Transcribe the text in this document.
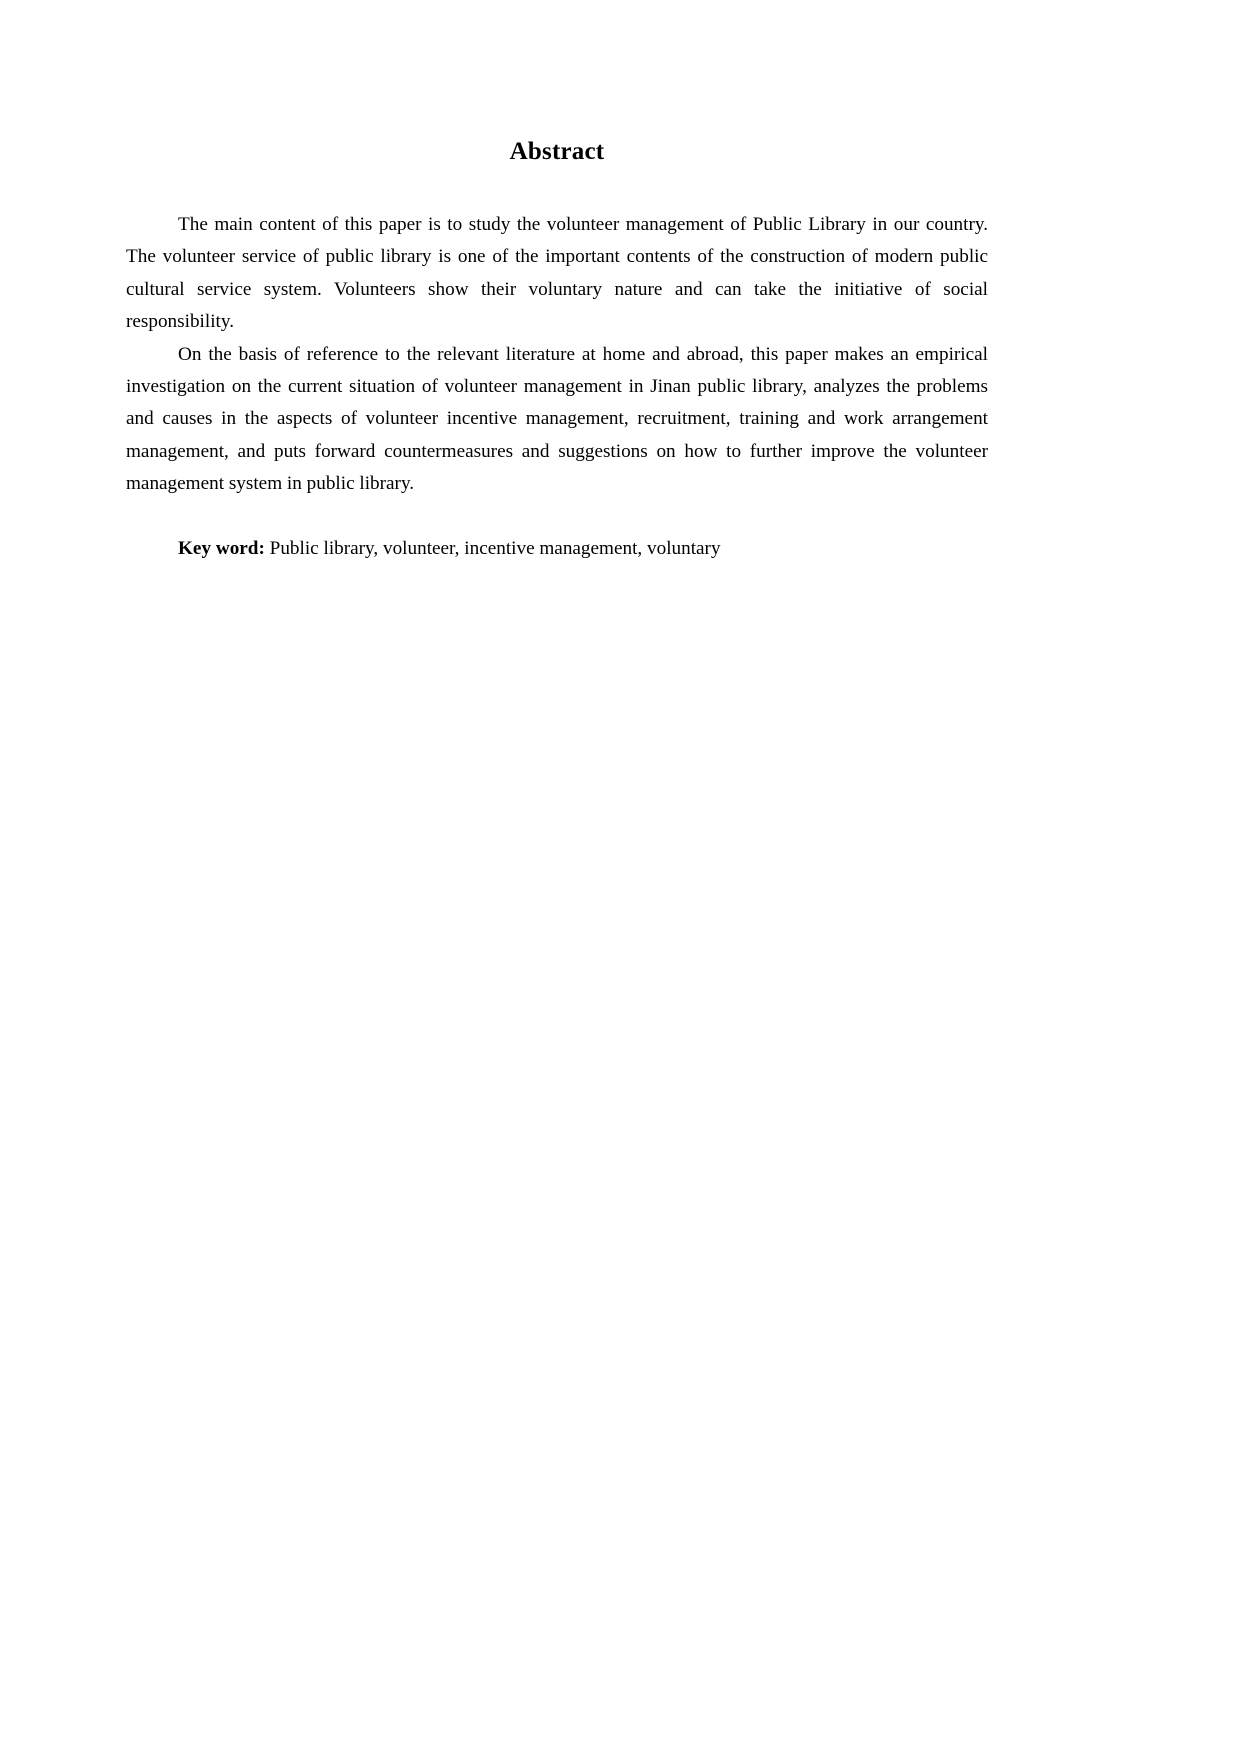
Abstract

The main content of this paper is to study the volunteer management of Public Library in our country. The volunteer service of public library is one of the important contents of the construction of modern public cultural service system. Volunteers show their voluntary nature and can take the initiative of social responsibility.

On the basis of reference to the relevant literature at home and abroad, this paper makes an empirical investigation on the current situation of volunteer management in Jinan public library, analyzes the problems and causes in the aspects of volunteer incentive management, recruitment, training and work arrangement management, and puts forward countermeasures and suggestions on how to further improve the volunteer management system in public library.

Key word: Public library, volunteer, incentive management, voluntary
